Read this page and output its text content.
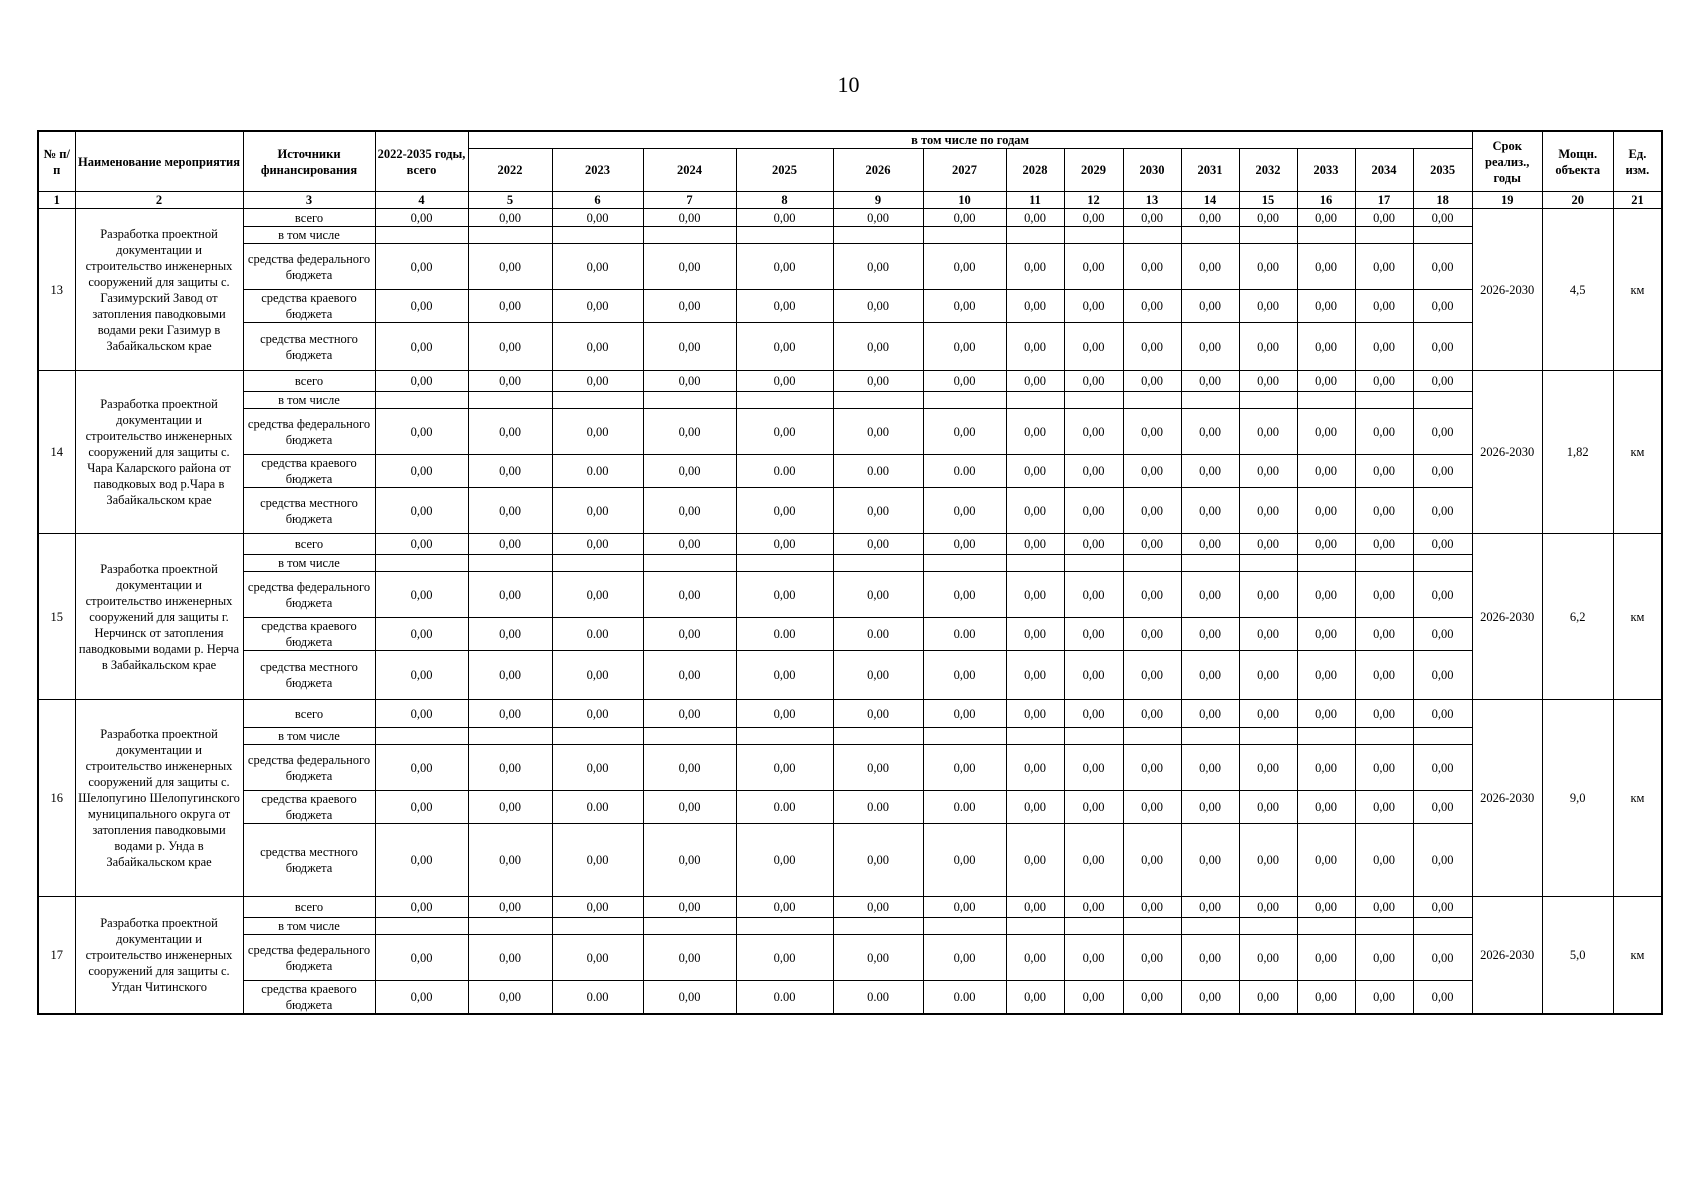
10
№ п/п	Наименование мероприятия	Источники финансирования	2022-2035 годы, всего	в том числе по годам														Срок реализ., годы	Мощн. объекта	Ед. изм.
				2022	2023	2024	2025	2026	2027	2028	2029	2030	2031	2032	2033	2034	2035			
1	2	3	4	5	6	7	8	9	10	11	12	13	14	15	16	17	18	19	20	21
13	Разработка проектной документации и строительство инженерных сооружений для защиты с. Газимурский Завод от затопления паводковыми водами реки Газимур в Забайкальском крае	всего	0,00	0,00	0,00	0,00	0,00	0,00	0,00	0,00	0,00	0,00	0,00	0,00	0,00	0,00	0,00	2026-2030	4,5	км
		в том числе																		
		средства федерального бюджета	0,00	0,00	0,00	0,00	0,00	0,00	0,00	0,00	0,00	0,00	0,00	0,00	0,00	0,00	0,00			
		средства краевого бюджета	0,00	0,00	0,00	0,00	0,00	0,00	0,00	0,00	0,00	0,00	0,00	0,00	0,00	0,00	0,00			
		средства местного бюджета	0,00	0,00	0,00	0,00	0,00	0,00	0,00	0,00	0,00	0,00	0,00	0,00	0,00	0,00	0,00			
14	Разработка проектной документации и строительство инженерных сооружений для защиты с. Чара Каларского района от паводковых вод р.Чара в Забайкальском крае	всего	0,00	0,00	0,00	0,00	0,00	0,00	0,00	0,00	0,00	0,00	0,00	0,00	0,00	0,00	0,00	2026-2030	1,82	км
		в том числе																		
		средства федерального бюджета	0,00	0,00	0,00	0,00	0,00	0,00	0,00	0,00	0,00	0,00	0,00	0,00	0,00	0,00	0,00			
		средства краевого бюджета	0,00	0,00	0.00	0,00	0.00	0.00	0.00	0,00	0,00	0,00	0,00	0,00	0,00	0,00	0,00			
		средства местного бюджета	0,00	0,00	0,00	0,00	0,00	0,00	0,00	0,00	0,00	0,00	0,00	0,00	0,00	0,00	0,00			
15	Разработка проектной документации и строительство инженерных сооружений для защиты г. Нерчинск от затопления паводковыми водами р. Нерча в Забайкальском крае	всего	0,00	0,00	0,00	0,00	0,00	0,00	0,00	0,00	0,00	0,00	0,00	0,00	0,00	0,00	0,00	2026-2030	6,2	км
		в том числе																		
		средства федерального бюджета	0,00	0,00	0,00	0,00	0,00	0,00	0,00	0,00	0,00	0,00	0,00	0,00	0,00	0,00	0,00			
		средства краевого бюджета	0,00	0,00	0.00	0,00	0.00	0.00	0.00	0,00	0,00	0,00	0,00	0,00	0,00	0,00	0,00			
		средства местного бюджета	0,00	0,00	0,00	0,00	0,00	0,00	0,00	0,00	0,00	0,00	0,00	0,00	0,00	0,00	0,00			
16	Разработка проектной документации и строительство инженерных сооружений для защиты с. Шелопугино Шелопугинского муниципального округа от затопления паводковыми водами р. Унда в Забайкальском крае	всего	0,00	0,00	0,00	0,00	0,00	0,00	0,00	0,00	0,00	0,00	0,00	0,00	0,00	0,00	0,00	2026-2030	9,0	км
		в том числе																		
		средства федерального бюджета	0,00	0,00	0,00	0,00	0,00	0,00	0,00	0,00	0,00	0,00	0,00	0,00	0,00	0,00	0,00			
		средства краевого бюджета	0,00	0,00	0.00	0,00	0.00	0.00	0.00	0,00	0,00	0,00	0,00	0,00	0,00	0,00	0,00			
		средства местного бюджета	0,00	0,00	0,00	0,00	0,00	0,00	0,00	0,00	0,00	0,00	0,00	0,00	0,00	0,00	0,00			
17	Разработка проектной документации и строительство инженерных сооружений для защиты с. Угдан Читинского	всего	0,00	0,00	0,00	0,00	0,00	0,00	0,00	0,00	0,00	0,00	0,00	0,00	0,00	0,00	0,00	2026-2030	5,0	км
		в том числе																		
		средства федерального бюджета	0,00	0,00	0,00	0,00	0,00	0,00	0,00	0,00	0,00	0,00	0,00	0,00	0,00	0,00	0,00			
		средства краевого бюджета	0,00	0,00	0.00	0,00	0.00	0.00	0.00	0,00	0,00	0,00	0,00	0,00	0,00	0,00	0,00			
